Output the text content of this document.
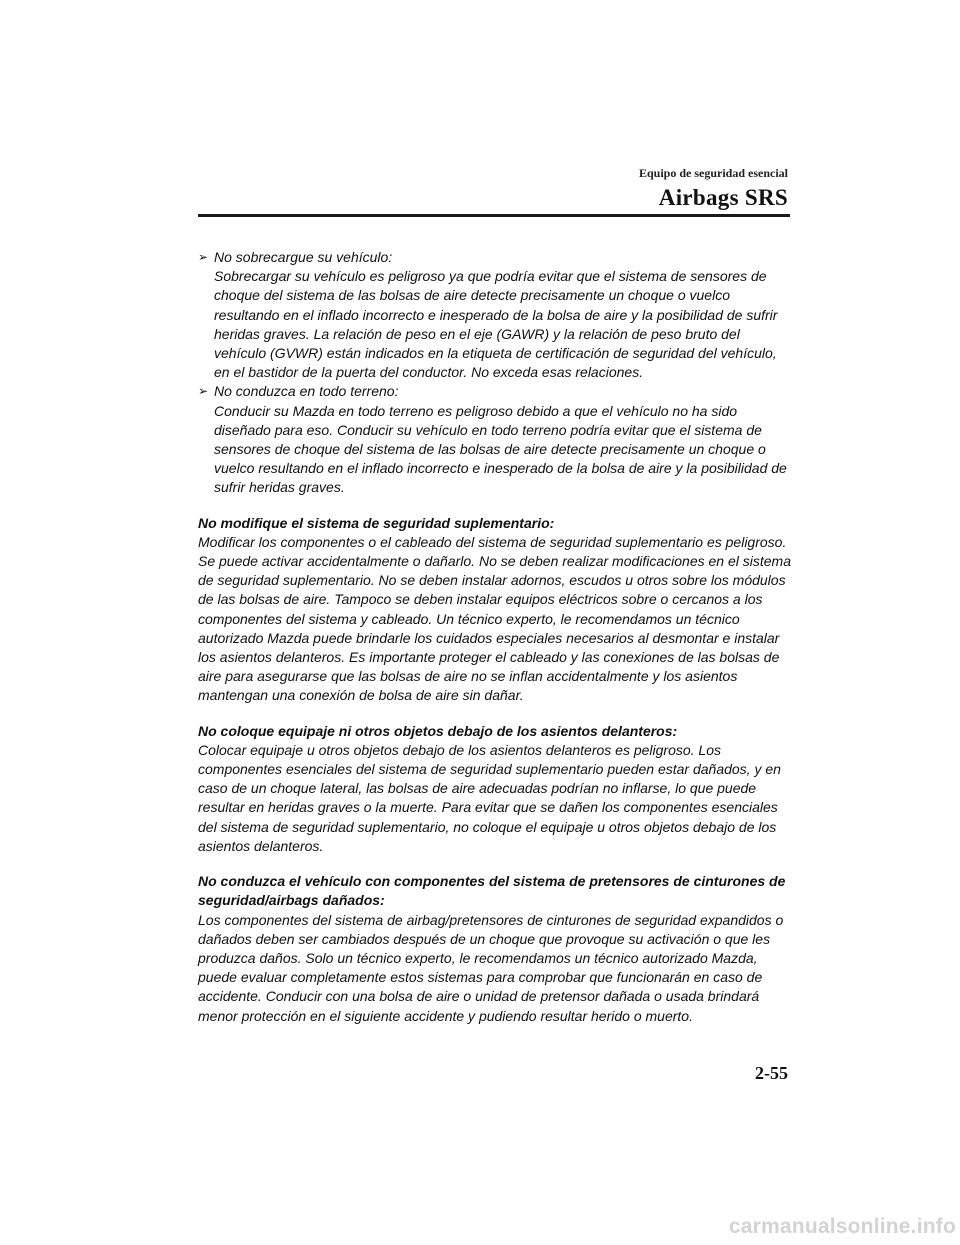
Equipo de seguridad esencial
Airbags SRS
➢ No sobrecargue su vehículo:
Sobrecargar su vehículo es peligroso ya que podría evitar que el sistema de sensores de choque del sistema de las bolsas de aire detecte precisamente un choque o vuelco resultando en el inflado incorrecto e inesperado de la bolsa de aire y la posibilidad de sufrir heridas graves. La relación de peso en el eje (GAWR) y la relación de peso bruto del vehículo (GVWR) están indicados en la etiqueta de certificación de seguridad del vehículo, en el bastidor de la puerta del conductor. No exceda esas relaciones.
➢ No conduzca en todo terreno:
Conducir su Mazda en todo terreno es peligroso debido a que el vehículo no ha sido diseñado para eso. Conducir su vehículo en todo terreno podría evitar que el sistema de sensores de choque del sistema de las bolsas de aire detecte precisamente un choque o vuelco resultando en el inflado incorrecto e inesperado de la bolsa de aire y la posibilidad de sufrir heridas graves.
No modifique el sistema de seguridad suplementario:
Modificar los componentes o el cableado del sistema de seguridad suplementario es peligroso. Se puede activar accidentalmente o dañarlo. No se deben realizar modificaciones en el sistema de seguridad suplementario. No se deben instalar adornos, escudos u otros sobre los módulos de las bolsas de aire. Tampoco se deben instalar equipos eléctricos sobre o cercanos a los componentes del sistema y cableado. Un técnico experto, le recomendamos un técnico autorizado Mazda puede brindarle los cuidados especiales necesarios al desmontar e instalar los asientos delanteros. Es importante proteger el cableado y las conexiones de las bolsas de aire para asegurarse que las bolsas de aire no se inflan accidentalmente y los asientos mantengan una conexión de bolsa de aire sin dañar.
No coloque equipaje ni otros objetos debajo de los asientos delanteros:
Colocar equipaje u otros objetos debajo de los asientos delanteros es peligroso. Los componentes esenciales del sistema de seguridad suplementario pueden estar dañados, y en caso de un choque lateral, las bolsas de aire adecuadas podrían no inflarse, lo que puede resultar en heridas graves o la muerte. Para evitar que se dañen los componentes esenciales del sistema de seguridad suplementario, no coloque el equipaje u otros objetos debajo de los asientos delanteros.
No conduzca el vehículo con componentes del sistema de pretensores de cinturones de seguridad/airbags dañados:
Los componentes del sistema de airbag/pretensores de cinturones de seguridad expandidos o dañados deben ser cambiados después de un choque que provoque su activación o que les produzca daños. Solo un técnico experto, le recomendamos un técnico autorizado Mazda, puede evaluar completamente estos sistemas para comprobar que funcionarán en caso de accidente. Conducir con una bolsa de aire o unidad de pretensor dañada o usada brindará menor protección en el siguiente accidente y pudiendo resultar herido o muerto.
2-55
carmanualsonline.info
